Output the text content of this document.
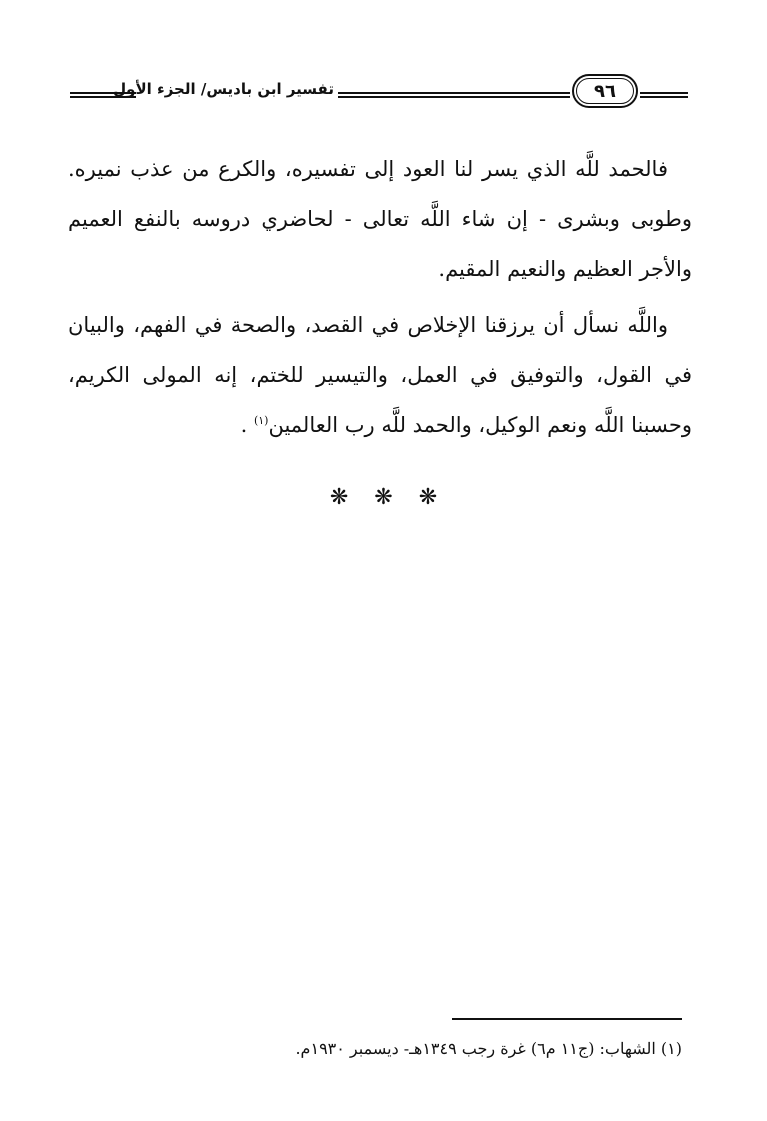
٩٦
تفسير ابن باديس/ الجزء الأول

فالحمد للَّه الذي يسر لنا العود إلى تفسيره، والكرع من عذب نميره. وطوبى وبشرى - إن شاء اللَّه تعالى - لحاضري دروسه بالنفع العميم والأجر العظيم والنعيم المقيم.

واللَّه نسأل أن يرزقنا الإخلاص في القصد، والصحة في الفهم، والبيان في القول، والتوفيق في العمل، والتيسير للختم، إنه المولى الكريم، وحسبنا اللَّه ونعم الوكيل، والحمد للَّه رب العالمين$^{(١)}$ .

❋❋❋
(١) الشهاب: (ج١١ م٦) غرة رجب ١٣٤٩هـ- ديسمبر ١٩٣٠م.
